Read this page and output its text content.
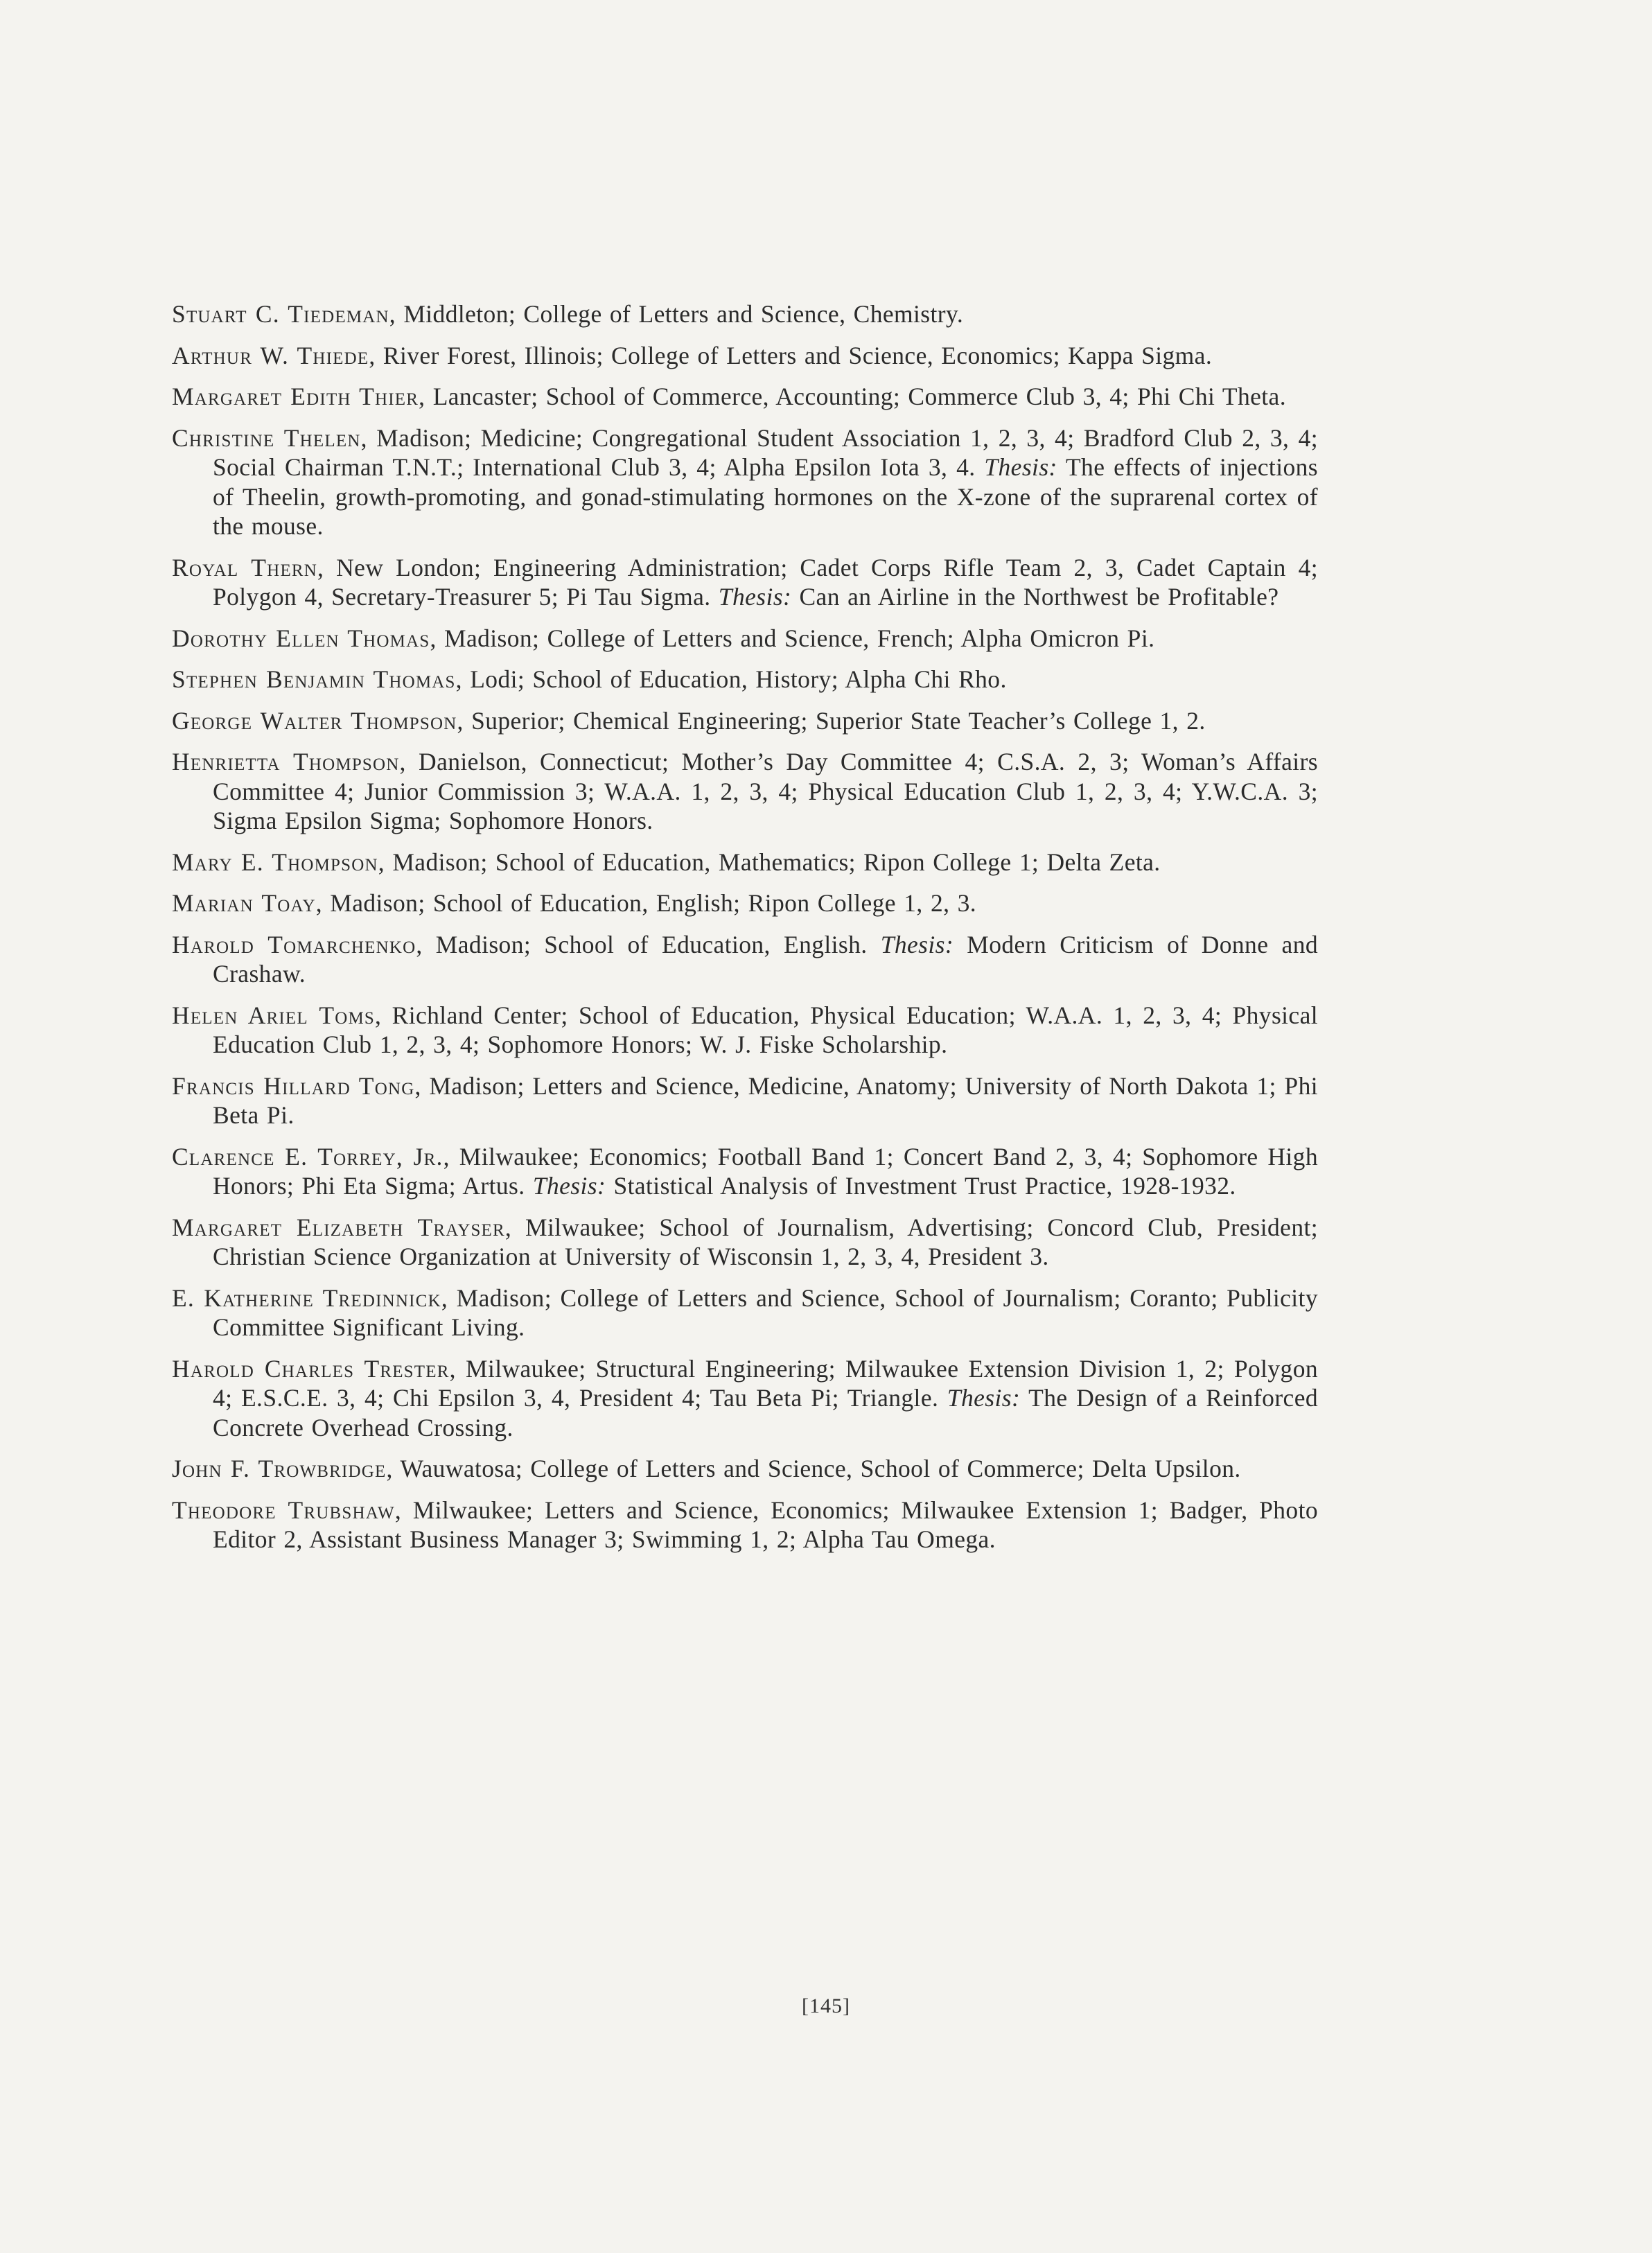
Stuart C. Tiedeman, Middleton; College of Letters and Science, Chemistry.

Arthur W. Thiede, River Forest, Illinois; College of Letters and Science, Economics; Kappa Sigma.

Margaret Edith Thier, Lancaster; School of Commerce, Accounting; Commerce Club 3, 4; Phi Chi Theta.

Christine Thelen, Madison; Medicine; Congregational Student Association 1, 2, 3, 4; Bradford Club 2, 3, 4; Social Chairman T.N.T.; International Club 3, 4; Alpha Epsilon Iota 3, 4. Thesis: The effects of injections of Theelin, growth-promoting, and gonad-stimulating hormones on the X-zone of the suprarenal cortex of the mouse.

Royal Thern, New London; Engineering Administration; Cadet Corps Rifle Team 2, 3, Cadet Captain 4; Polygon 4, Secretary-Treasurer 5; Pi Tau Sigma. Thesis: Can an Airline in the Northwest be Profitable?

Dorothy Ellen Thomas, Madison; College of Letters and Science, French; Alpha Omicron Pi.

Stephen Benjamin Thomas, Lodi; School of Education, History; Alpha Chi Rho.

George Walter Thompson, Superior; Chemical Engineering; Superior State Teacher’s College 1, 2.

Henrietta Thompson, Danielson, Connecticut; Mother’s Day Committee 4; C.S.A. 2, 3; Woman’s Affairs Committee 4; Junior Commission 3; W.A.A. 1, 2, 3, 4; Physical Education Club 1, 2, 3, 4; Y.W.C.A. 3; Sigma Epsilon Sigma; Sophomore Honors.

Mary E. Thompson, Madison; School of Education, Mathematics; Ripon College 1; Delta Zeta.

Marian Toay, Madison; School of Education, English; Ripon College 1, 2, 3.

Harold Tomarchenko, Madison; School of Education, English. Thesis: Modern Criticism of Donne and Crashaw.

Helen Ariel Toms, Richland Center; School of Education, Physical Education; W.A.A. 1, 2, 3, 4; Physical Education Club 1, 2, 3, 4; Sophomore Honors; W. J. Fiske Scholarship.

Francis Hillard Tong, Madison; Letters and Science, Medicine, Anatomy; University of North Dakota 1; Phi Beta Pi.

Clarence E. Torrey, Jr., Milwaukee; Economics; Football Band 1; Concert Band 2, 3, 4; Sophomore High Honors; Phi Eta Sigma; Artus. Thesis: Statistical Analysis of Investment Trust Practice, 1928-1932.

Margaret Elizabeth Trayser, Milwaukee; School of Journalism, Advertising; Concord Club, President; Christian Science Organization at University of Wisconsin 1, 2, 3, 4, President 3.

E. Katherine Tredinnick, Madison; College of Letters and Science, School of Journalism; Coranto; Publicity Committee Significant Living.

Harold Charles Trester, Milwaukee; Structural Engineering; Milwaukee Extension Division 1, 2; Polygon 4; E.S.C.E. 3, 4; Chi Epsilon 3, 4, President 4; Tau Beta Pi; Triangle. Thesis: The Design of a Reinforced Concrete Overhead Crossing.

John F. Trowbridge, Wauwatosa; College of Letters and Science, School of Commerce; Delta Upsilon.

Theodore Trubshaw, Milwaukee; Letters and Science, Economics; Milwaukee Extension 1; Badger, Photo Editor 2, Assistant Business Manager 3; Swimming 1, 2; Alpha Tau Omega.

[145]
